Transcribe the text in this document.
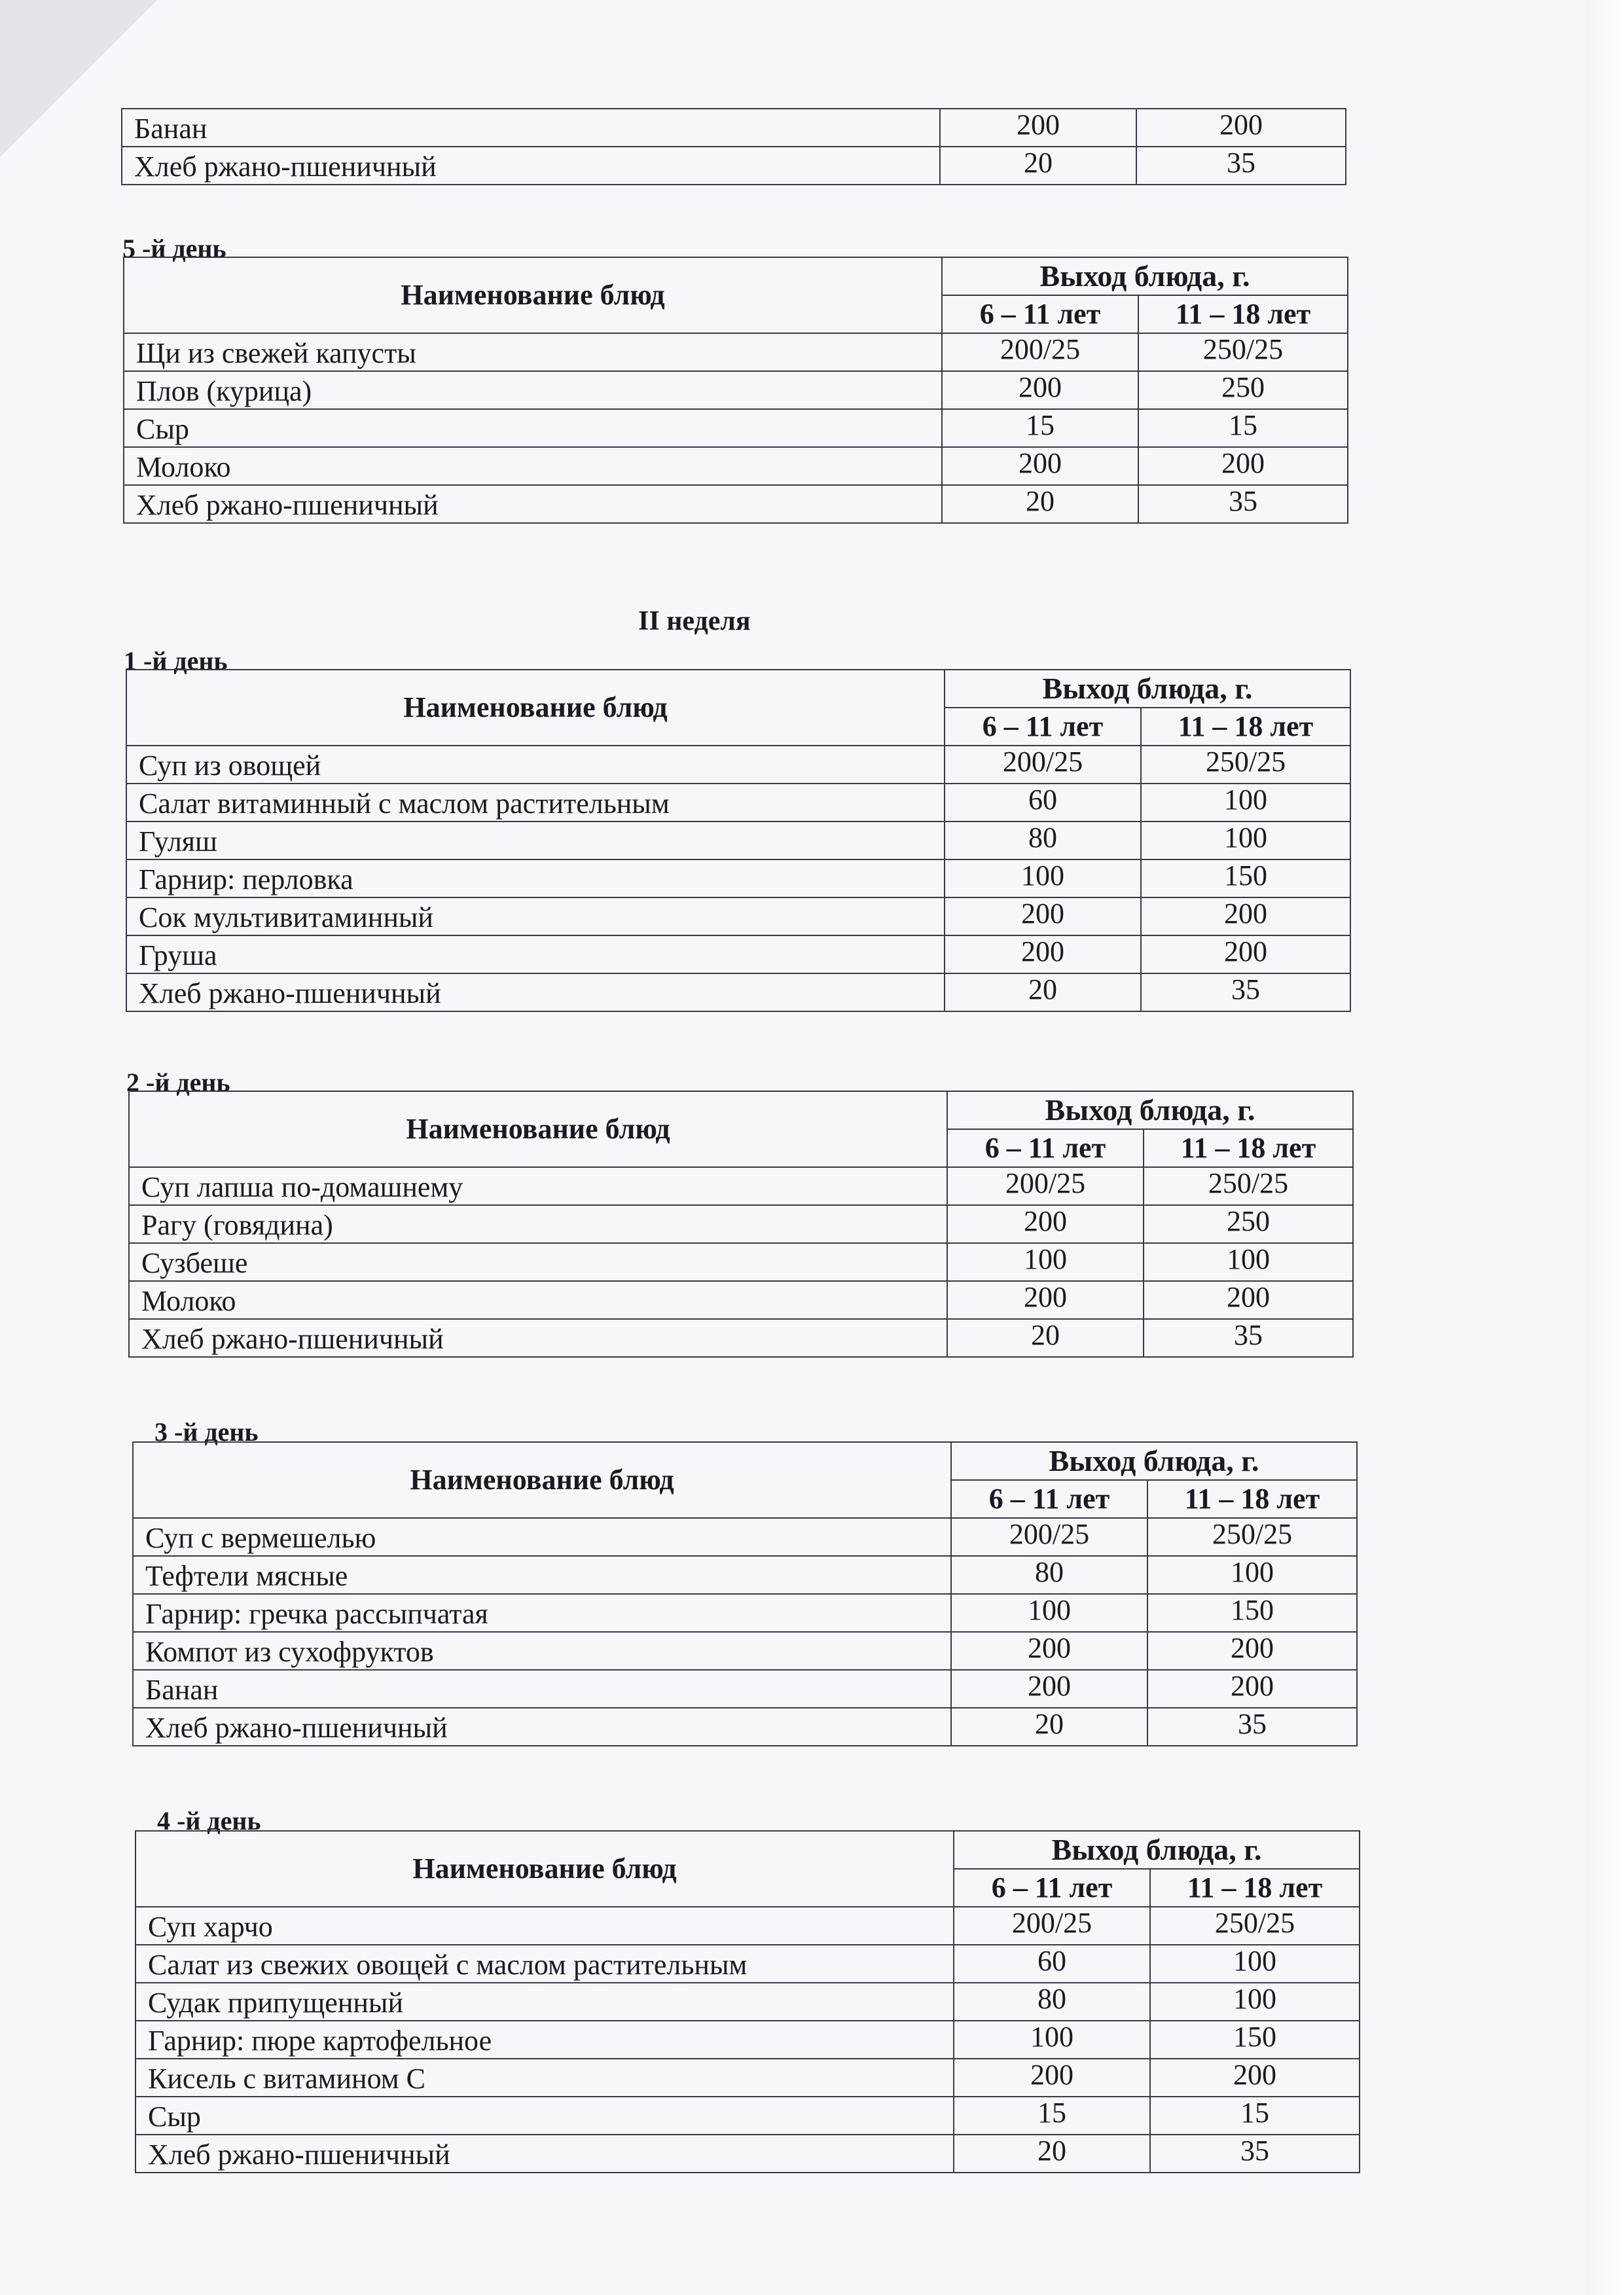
Банан	200	200
Хлеб ржано-пшеничный	20	35
5 -й день
Наименование блюд	Выход блюда, г.	
	6 – 11 лет	11 – 18 лет
Щи из свежей капусты	200/25	250/25
Плов (курица)	200	250
Сыр	15	15
Молоко	200	200
Хлеб ржано-пшеничный	20	35
II неделя
1 -й день
Наименование блюд	Выход блюда, г.	
	6 – 11 лет	11 – 18 лет
Суп из овощей	200/25	250/25
Салат витаминный с маслом растительным	60	100
Гуляш	80	100
Гарнир: перловка	100	150
Сок мультивитаминный	200	200
Груша	200	200
Хлеб ржано-пшеничный	20	35
2 -й день
Наименование блюд	Выход блюда, г.	
	6 – 11 лет	11 – 18 лет
Суп лапша по-домашнему	200/25	250/25
Рагу (говядина)	200	250
Сузбеше	100	100
Молоко	200	200
Хлеб ржано-пшеничный	20	35
3 -й день
Наименование блюд	Выход блюда, г.	
	6 – 11 лет	11 – 18 лет
Суп с вермешелью	200/25	250/25
Тефтели мясные	80	100
Гарнир: гречка рассыпчатая	100	150
Компот из сухофруктов	200	200
Банан	200	200
Хлеб ржано-пшеничный	20	35
4 -й день
Наименование блюд	Выход блюда, г.	
	6 – 11 лет	11 – 18 лет
Суп харчо	200/25	250/25
Салат из свежих овощей с маслом растительным	60	100
Судак припущенный	80	100
Гарнир: пюре картофельное	100	150
Кисель с витамином С	200	200
Сыр	15	15
Хлеб ржано-пшеничный	20	35
